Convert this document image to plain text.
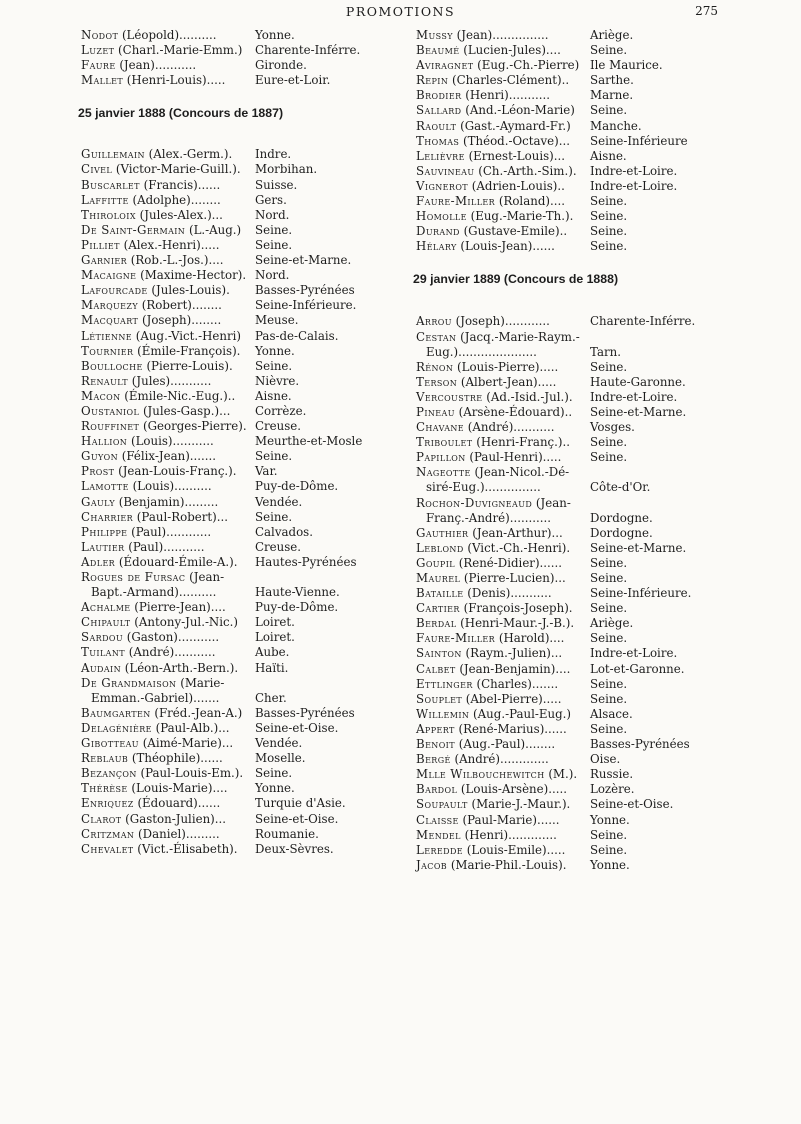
PROMOTIONS	275
Nodot (Léopold)..........	Yonne.
Luzet (Charl.-Marie-Emm.) Charente-Inférre.
Faure (Jean)...........	Gironde.
Mallet (Henri-Louis).....	Eure-et-Loir.
25 janvier 1888 (Concours de 1887)
Guillemain (Alex.-Germ.). Indre.
Civel (Victor-Marie-Guill.). Morbihan.
Buscarlet (Francis)......	Suisse.
Laffitte (Adolphe)........	Gers.
Thiroloix (Jules-Alex.)...	Nord.
De Saint-Germain (L.-Aug.) Seine.
Pilliet (Alex.-Henri).....	Seine.
Garnier (Rob.-L.-Jos.)....	Seine-et-Marne.
Macaigne (Maxime-Hector). Nord.
Lafourcade (Jules-Louis). Basses-Pyrénées
Marquezy (Robert)........	Seine-Inférieure.
Macquart (Joseph)........	Meuse.
Létienne (Aug.-Vict.-Henri) Pas-de-Calais.
Tournier (Émile-François). Yonne.
Boulloche (Pierre-Louis). Seine.
Renault (Jules)...........	Nièvre.
Macon (Émile-Nic.-Eug.).. Aisne.
Oustaniol (Jules-Gasp.)... Corrèze.
Rouffinet (Georges-Pierre). Creuse.
Hallion (Louis)...........	Meurthe-et-Mosle
Guyon (Félix-Jean).......	Seine.
Prost (Jean-Louis-Franç.). Var.
Lamotte (Louis)..........	Puy-de-Dôme.
Gauly (Benjamin).........	Vendée.
Charrier (Paul-Robert)... Seine.
Philippe (Paul)............	Calvados.
Lautier (Paul)...........	Creuse.
Adler (Édouard-Émile-A.). Hautes-Pyrénées
Rogues de Fursac (Jean-
Bapt.-Armand)..........	Haute-Vienne.
Achalme (Pierre-Jean).... Puy-de-Dôme.
Chipault (Antony-Jul.-Nic.) Loiret.
Sardou (Gaston)...........	Loiret.
Tuilant (André)...........	Aube.
Audain (Léon-Arth.-Bern.). Haïti.
De Grandmaison (Marie-
Emman.-Gabriel).......	Cher.
Baumgarten (Fréd.-Jean-A.) Basses-Pyrénées
Delagénière (Paul-Alb.)... Seine-et-Oise.
Gibotteau (Aimé-Marie)... Vendée.
Reblaub (Théophile)......	Moselle.
Bezançon (Paul-Louis-Em.). Seine.
Thérèse (Louis-Marie).... Yonne.
Enriquez (Édouard)......	Turquie d'Asie.
Clarot (Gaston-Julien)... Seine-et-Oise.
Critzman (Daniel).........	Roumanie.
Chevalet (Vict.-Élisabeth). Deux-Sèvres.
Mussy (Jean)...............	Ariège.
Beaumé (Lucien-Jules).... Seine.
Aviragnet (Eug.-Ch.-Pierre) Ile Maurice.
Repin (Charles-Clément).. Sarthe.
Brodier (Henri)...........	Marne.
Sallard (And.-Léon-Marie) Seine.
Raoult (Gast.-Aymard-Fr.) Manche.
Thomas (Théod.-Octave)... Seine-Inférieure
Lelièvre (Ernest-Louis)... Aisne.
Sauvineau (Ch.-Arth.-Sim.). Indre-et-Loire.
Vignerot (Adrien-Louis).. Indre-et-Loire.
Faure-Miller (Roland).... Seine.
Homolle (Eug.-Marie-Th.). Seine.
Durand (Gustave-Emile).. Seine.
Hélary (Louis-Jean)......	Seine.
29 janvier 1889 (Concours de 1888)
Arrou (Joseph)............	Charente-Inférre.
Cestan (Jacq.-Marie-Raym.-
Eug.).....................	Tarn.
Rénon (Louis-Pierre).....	Seine.
Terson (Albert-Jean).....	Haute-Garonne.
Vercoustre (Ad.-Isid.-Jul.). Indre-et-Loire.
Pineau (Arsène-Édouard).. Seine-et-Marne.
Chavane (André)...........	Vosges.
Triboulet (Henri-Franç.).. Seine.
Papillon (Paul-Henri)..... Seine.
Nageotte (Jean-Nicol.-Dé-
siré-Eug.)...............	Côte-d'Or.
Rochon-Duvigneaud (Jean-
Franç.-André)...........	Dordogne.
Gauthier (Jean-Arthur)... Dordogne.
Leblond (Vict.-Ch.-Henri). Seine-et-Marne.
Goupil (René-Didier)...... Seine.
Maurel (Pierre-Lucien)... Seine.
Bataille (Denis)...........	Seine-Inférieure.
Cartier (François-Joseph). Seine.
Berdal (Henri-Maur.-J.-B.). Ariège.
Faure-Miller (Harold).... Seine.
Sainton (Raym.-Julien)... Indre-et-Loire.
Calbet (Jean-Benjamin).... Lot-et-Garonne.
Ettlinger (Charles).......	Seine.
Souplet (Abel-Pierre)..... Seine.
Willemin (Aug.-Paul-Eug.) Alsace.
Appert (René-Marius)...... Seine.
Benoit (Aug.-Paul)........	Basses-Pyrénées
Bergé (André).............	Oise.
Mlle Wilbouchewitch (M.). Russie.
Bardol (Louis-Arsène)..... Lozère.
Soupault (Marie-J.-Maur.). Seine-et-Oise.
Claisse (Paul-Marie)......	Yonne.
Mendel (Henri).............	Seine.
Leredde (Louis-Emile)..... Seine.
Jacob (Marie-Phil.-Louis). Yonne.
